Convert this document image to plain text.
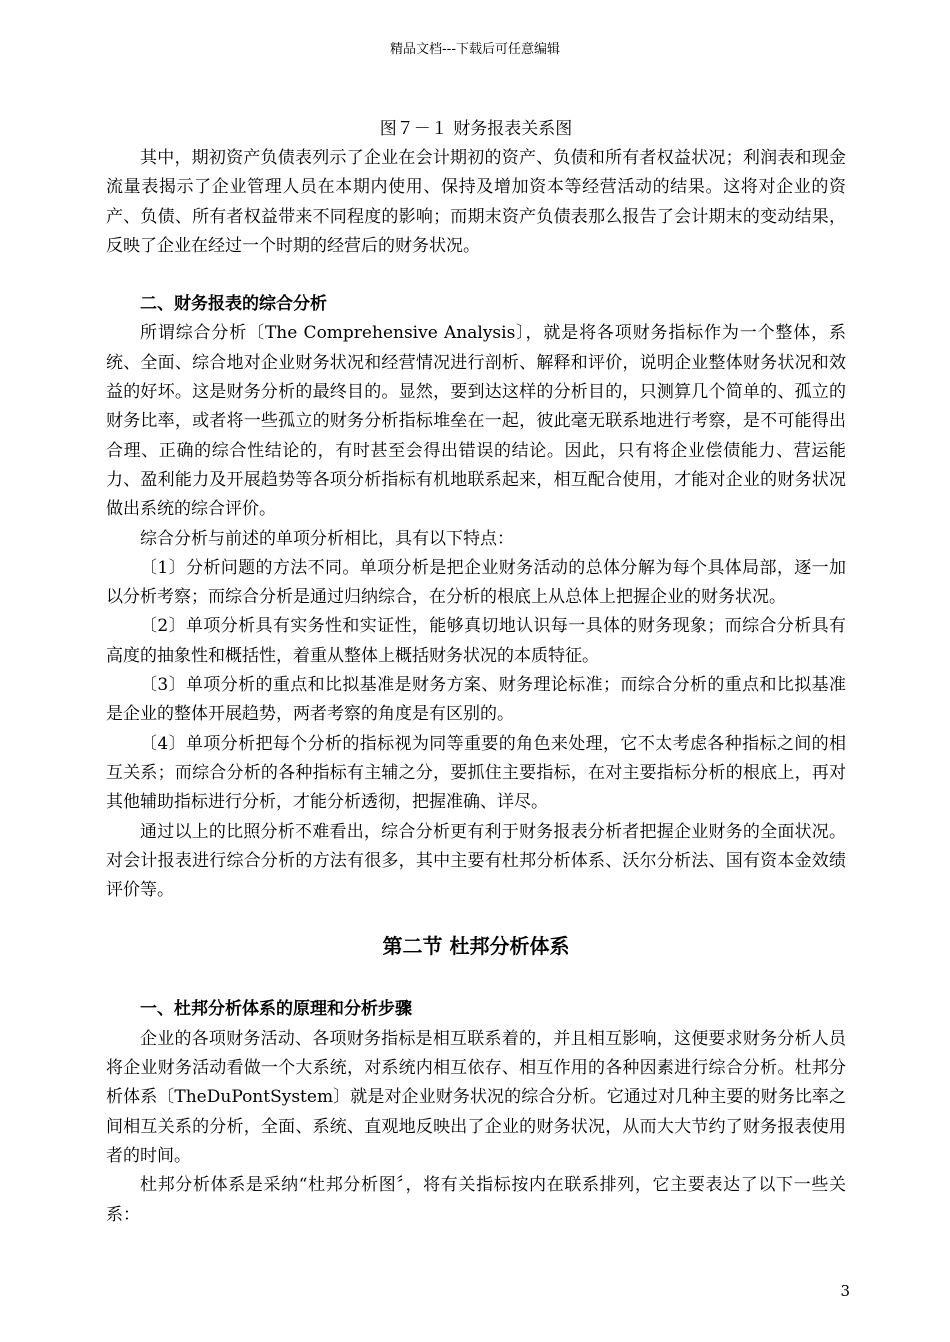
精品文档---下载后可任意编辑
图７－１ 财务报表关系图

其中，期初资产负债表列示了企业在会计期初的资产、负债和所有者权益状况；利润表和现金流量表揭示了企业管理人员在本期内使用、保持及增加资本等经营活动的结果。这将对企业的资产、负债、所有者权益带来不同程度的影响；而期末资产负债表那么报告了会计期末的变动结果，反映了企业在经过一个时期的经营后的财务状况。

二、财务报表的综合分析

所谓综合分析〔The Comprehensive Analysis〕，就是将各项财务指标作为一个整体，系统、全面、综合地对企业财务状况和经营情况进行剖析、解释和评价，说明企业整体财务状况和效益的好坏。这是财务分析的最终目的。显然，要到达这样的分析目的，只测算几个简单的、孤立的财务比率，或者将一些孤立的财务分析指标堆垒在一起，彼此毫无联系地进行考察，是不可能得出合理、正确的综合性结论的，有时甚至会得出错误的结论。因此，只有将企业偿债能力、营运能力、盈利能力及开展趋势等各项分析指标有机地联系起来，相互配合使用，才能对企业的财务状况做出系统的综合评价。

综合分析与前述的单项分析相比，具有以下特点：

〔1〕分析问题的方法不同。单项分析是把企业财务活动的总体分解为每个具体局部，逐一加以分析考察；而综合分析是通过归纳综合，在分析的根底上从总体上把握企业的财务状况。

〔2〕单项分析具有实务性和实证性，能够真切地认识每一具体的财务现象；而综合分析具有高度的抽象性和概括性，着重从整体上概括财务状况的本质特征。

〔3〕单项分析的重点和比拟基准是财务方案、财务理论标准；而综合分析的重点和比拟基准是企业的整体开展趋势，两者考察的角度是有区别的。

〔4〕单项分析把每个分析的指标视为同等重要的角色来处理，它不太考虑各种指标之间的相互关系；而综合分析的各种指标有主辅之分，要抓住主要指标，在对主要指标分析的根底上，再对其他辅助指标进行分析，才能分析透彻，把握准确、详尽。

通过以上的比照分析不难看出，综合分析更有利于财务报表分析者把握企业财务的全面状况。对会计报表进行综合分析的方法有很多，其中主要有杜邦分析体系、沃尔分析法、国有资本金效绩评价等。

第二节 杜邦分析体系
一、杜邦分析体系的原理和分析步骤

企业的各项财务活动、各项财务指标是相互联系着的，并且相互影响，这便要求财务分析人员将企业财务活动看做一个大系统，对系统内相互依存、相互作用的各种因素进行综合分析。杜邦分析体系〔TheDuPontSystem〕就是对企业财务状况的综合分析。它通过对几种主要的财务比率之间相互关系的分析，全面、系统、直观地反映出了企业的财务状况，从而大大节约了财务报表使用者的时间。

杜邦分析体系是采纳“杜邦分析图〞，将有关指标按内在联系排列，它主要表达了以下一些关系：

3
